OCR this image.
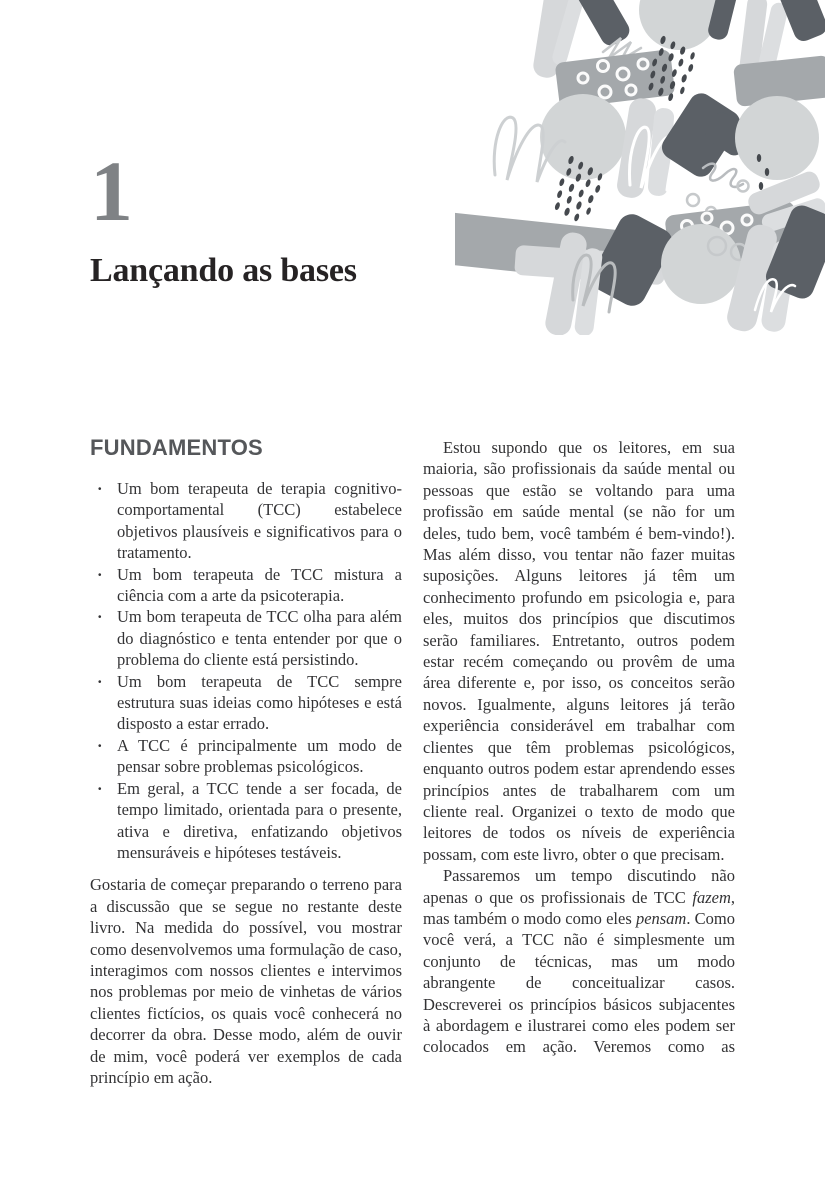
1
Lançando as bases
FUNDAMENTOS
· Um bom terapeuta de terapia cognitivo-comportamental (TCC) estabelece objetivos plausíveis e significativos para o tratamento.
· Um bom terapeuta de TCC mistura a ciência com a arte da psicoterapia.
· Um bom terapeuta de TCC olha para além do diagnóstico e tenta entender por que o problema do cliente está persistindo.
· Um bom terapeuta de TCC sempre estrutura suas ideias como hipóteses e está disposto a estar errado.
· A TCC é principalmente um modo de pensar sobre problemas psicológicos.
· Em geral, a TCC tende a ser focada, de tempo limitado, orientada para o presente, ativa e diretiva, enfatizando objetivos mensuráveis e hipóteses testáveis.

Gostaria de começar preparando o terreno para a discussão que se segue no restante deste livro. Na medida do possível, vou mostrar como desenvolvemos uma formulação de caso, interagimos com nossos clientes e intervimos nos problemas por meio de vinhetas de vários clientes fictícios, os quais você conhecerá no decorrer da obra. Desse modo, além de ouvir de mim, você poderá ver exemplos de cada princípio em ação.

Estou supondo que os leitores, em sua maioria, são profissionais da saúde mental ou pessoas que estão se voltando para uma profissão em saúde mental (se não for um deles, tudo bem, você também é bem-vindo!). Mas além disso, vou tentar não fazer muitas suposições. Alguns leitores já têm um conhecimento profundo em psicologia e, para eles, muitos dos princípios que discutimos serão familiares. Entretanto, outros podem estar recém começando ou provêm de uma área diferente e, por isso, os conceitos serão novos. Igualmente, alguns leitores já terão experiência considerável em trabalhar com clientes que têm problemas psicológicos, enquanto outros podem estar aprendendo esses princípios antes de trabalharem com um cliente real. Organizei o texto de modo que leitores de todos os níveis de experiência possam, com este livro, obter o que precisam.

Passaremos um tempo discutindo não apenas o que os profissionais de TCC fazem, mas também o modo como eles pensam. Como você verá, a TCC não é simplesmente um conjunto de técnicas, mas um modo abrangente de conceitualizar casos. Descreverei os princípios básicos subjacentes à abordagem e ilustrarei como eles podem ser colocados em ação. Veremos como as
